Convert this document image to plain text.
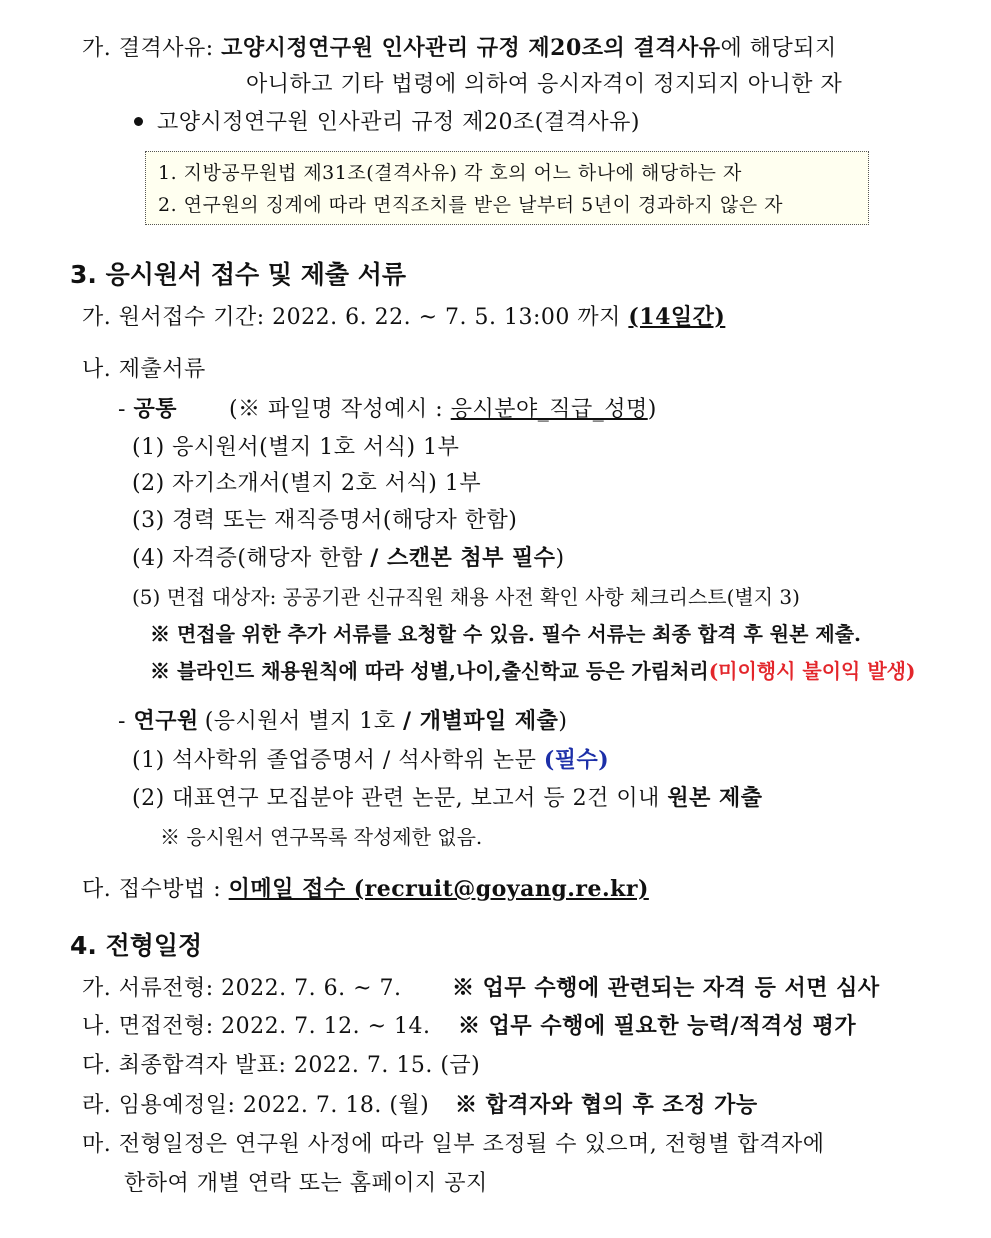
가. 결격사유: 고양시정연구원 인사관리 규정 제20조의 결격사유에 해당되지
아니하고 기타 법령에 의하여 응시자격이 정지되지 아니한 자
고양시정연구원 인사관리 규정 제20조(결격사유)
1. 지방공무원법 제31조(결격사유) 각 호의 어느 하나에 해당하는 자
2. 연구원의 징계에 따라 면직조치를 받은 날부터 5년이 경과하지 않은 자
3. 응시원서 접수 및 제출 서류
가. 원서접수 기간: 2022. 6. 22. ~ 7. 5. 13:00 까지 (14일간)
나. 제출서류
- 공통 (※ 파일명 작성예시 : 응시분야_직급_성명)
(1) 응시원서(별지 1호 서식) 1부
(2) 자기소개서(별지 2호 서식) 1부
(3) 경력 또는 재직증명서(해당자 한함)
(4) 자격증(해당자 한함 / 스캔본 첨부 필수)
(5) 면접 대상자: 공공기관 신규직원 채용 사전 확인 사항 체크리스트(별지 3)
※ 면접을 위한 추가 서류를 요청할 수 있음. 필수 서류는 최종 합격 후 원본 제출.
※ 블라인드 채용원칙에 따라 성별,나이,출신학교 등은 가림처리(미이행시 불이익 발생)
- 연구원 (응시원서 별지 1호 / 개별파일 제출)
(1) 석사학위 졸업증명서 / 석사학위 논문 (필수)
(2) 대표연구 모집분야 관련 논문, 보고서 등 2건 이내 원본 제출
※ 응시원서 연구목록 작성제한 없음.
다. 접수방법 : 이메일 접수 (recruit@goyang.re.kr)
4. 전형일정
가. 서류전형: 2022. 7. 6. ~ 7. ※ 업무 수행에 관련되는 자격 등 서면 심사
나. 면접전형: 2022. 7. 12. ~ 14. ※ 업무 수행에 필요한 능력/적격성 평가
다. 최종합격자 발표: 2022. 7. 15. (금)
라. 임용예정일: 2022. 7. 18. (월) ※ 합격자와 협의 후 조정 가능
마. 전형일정은 연구원 사정에 따라 일부 조정될 수 있으며, 전형별 합격자에
한하여 개별 연락 또는 홈페이지 공지
